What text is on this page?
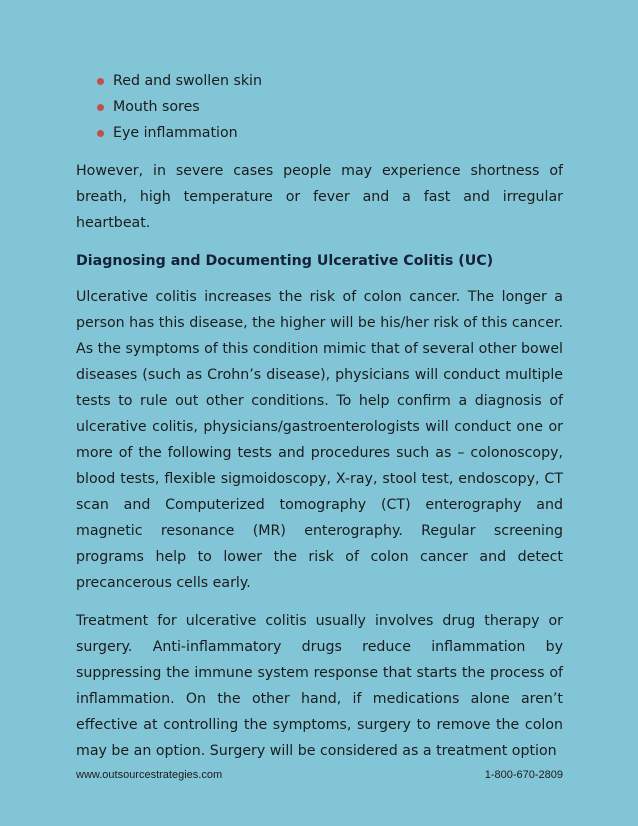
Red and swollen skin
Mouth sores
Eye inflammation

However, in severe cases people may experience shortness of breath, high temperature or fever and a fast and irregular heartbeat.

Diagnosing and Documenting Ulcerative Colitis (UC)

Ulcerative colitis increases the risk of colon cancer. The longer a person has this disease, the higher will be his/her risk of this cancer. As the symptoms of this condition mimic that of several other bowel diseases (such as Crohn’s disease), physicians will conduct multiple tests to rule out other conditions. To help confirm a diagnosis of ulcerative colitis, physicians/gastroenterologists will conduct one or more of the following tests and procedures such as – colonoscopy, blood tests, flexible sigmoidoscopy, X-ray, stool test, endoscopy, CT scan and Computerized tomography (CT) enterography and magnetic resonance (MR) enterography. Regular screening programs help to lower the risk of colon cancer and detect precancerous cells early.

Treatment for ulcerative colitis usually involves drug therapy or surgery. Anti-inflammatory drugs reduce inflammation by suppressing the immune system response that starts the process of inflammation. On the other hand, if medications alone aren’t effective at controlling the symptoms, surgery to remove the colon may be an option. Surgery will be considered as a treatment option

www.outsourcestrategies.com	1-800-670-2809
